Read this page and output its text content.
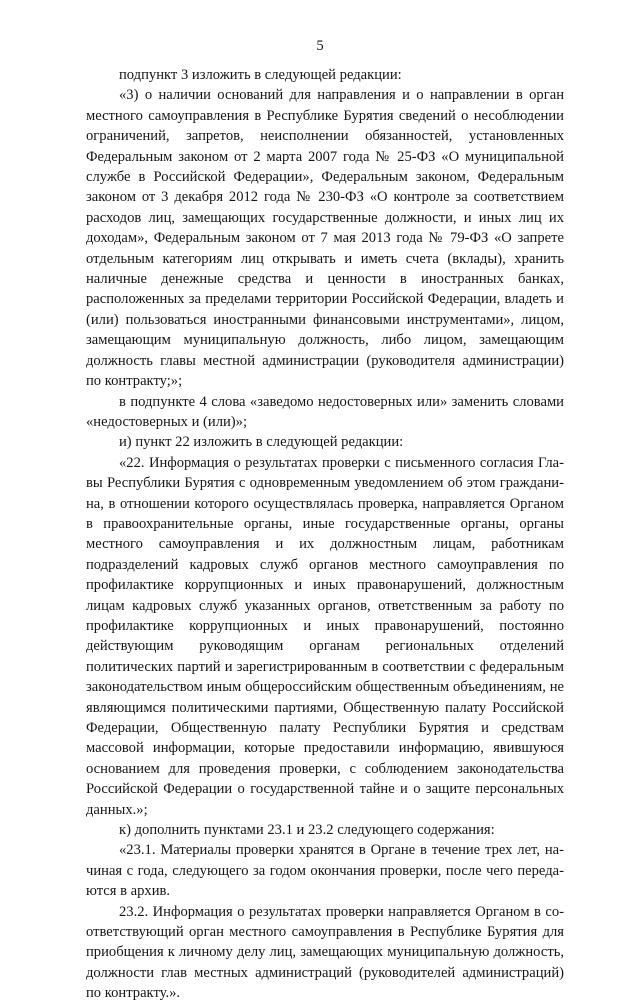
5

подпункт 3 изложить в следующей редакции:

«3) о наличии оснований для направления и о направлении в орган местного самоуправления в Республике Бурятия сведений о несоблюдении ограничений, запретов, неисполнении обязанностей, установленных Федеральным законом от 2 марта 2007 года № 25-ФЗ «О муниципальной службе в Российской Федерации», Федеральным законом, Федеральным законом от 3 декабря 2012 года № 230-ФЗ «О контроле за соответствием расходов лиц, замещающих государственные должности, и иных лиц их доходам», Федеральным законом от 7 мая 2013 года № 79-ФЗ «О запрете отдельным категориям лиц открывать и иметь счета (вклады), хранить наличные денежные средства и ценности в иностранных банках, расположенных за пределами территории Российской Федерации, владеть и (или) пользоваться иностранными финансовыми инструментами», лицом, замещающим муниципальную должность, либо лицом, замещающим должность главы местной администрации (руководителя администрации) по контракту;»;

в подпункте 4 слова «заведомо недостоверных или» заменить словами «недостоверных и (или)»;

и) пункт 22 изложить в следующей редакции:

«22. Информация о результатах проверки с письменного согласия Главы Республики Бурятия с одновременным уведомлением об этом гражданина, в отношении которого осуществлялась проверка, направляется Органом в правоохранительные органы, иные государственные органы, органы местного самоуправления и их должностным лицам, работникам подразделений кадровых служб органов местного самоуправления по профилактике коррупционных и иных правонарушений, должностным лицам кадровых служб указанных органов, ответственным за работу по профилактике коррупционных и иных правонарушений, постоянно действующим руководящим органам региональных отделений политических партий и зарегистрированным в соответствии с федеральным законодательством иным общероссийским общественным объединениям, не являющимся политическими партиями, Общественную палату Российской Федерации, Общественную палату Республики Бурятия и средствам массовой информации, которые предоставили информацию, явившуюся основанием для проведения проверки, с соблюдением законодательства Российской Федерации о государственной тайне и о защите персональных данных.»;

к) дополнить пунктами 23.1 и 23.2 следующего содержания:

«23.1. Материалы проверки хранятся в Органе в течение трех лет, начиная с года, следующего за годом окончания проверки, после чего передаются в архив.

23.2. Информация о результатах проверки направляется Органом в соответствующий орган местного самоуправления в Республике Бурятия для приобщения к личному делу лиц, замещающих муниципальную должность, должности глав местных администраций (руководителей администраций) по контракту.».
